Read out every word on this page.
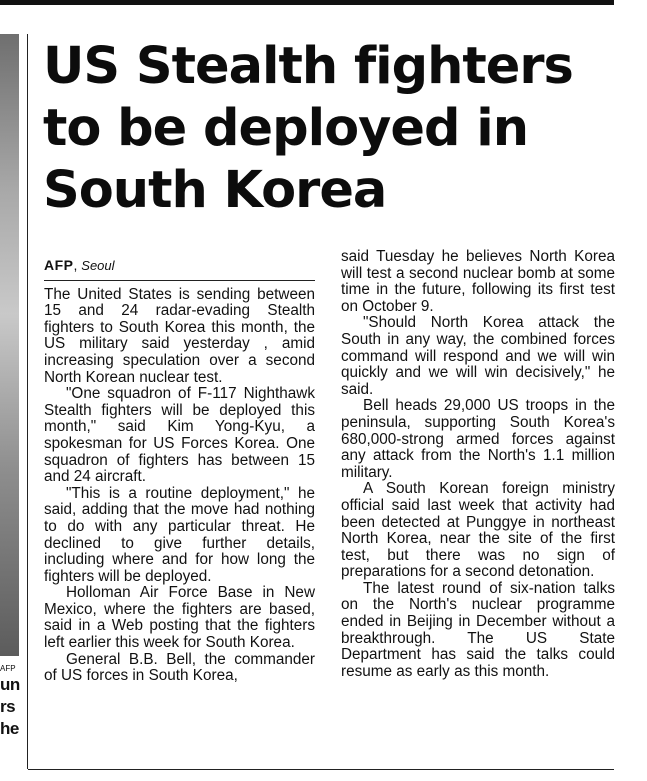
AFP
un
rs
he
US Stealth fighters to be deployed in South Korea
AFP, Seoul

The United States is sending between 15 and 24 radar-evading Stealth fighters to South Korea this month, the US military said yesterday , amid increasing speculation over a second North Korean nuclear test.

"One squadron of F-117 Nighthawk Stealth fighters will be deployed this month," said Kim Yong-Kyu, a spokesman for US Forces Korea. One squadron of fighters has between 15 and 24 aircraft.

"This is a routine deployment," he said, adding that the move had nothing to do with any particular threat. He declined to give further details, including where and for how long the fighters will be deployed.

Holloman Air Force Base in New Mexico, where the fighters are based, said in a Web posting that the fighters left earlier this week for South Korea.

General B.B. Bell, the commander of US forces in South Korea,

said Tuesday he believes North Korea will test a second nuclear bomb at some time in the future, following its first test on October 9.

"Should North Korea attack the South in any way, the combined forces command will respond and we will win quickly and we will win decisively," he said.

Bell heads 29,000 US troops in the peninsula, supporting South Korea's 680,000-strong armed forces against any attack from the North's 1.1 million military.

A South Korean foreign ministry official said last week that activity had been detected at Punggye in northeast North Korea, near the site of the first test, but there was no sign of preparations for a second detonation.

The latest round of six-nation talks on the North's nuclear programme ended in Beijing in December without a breakthrough. The US State Department has said the talks could resume as early as this month.
